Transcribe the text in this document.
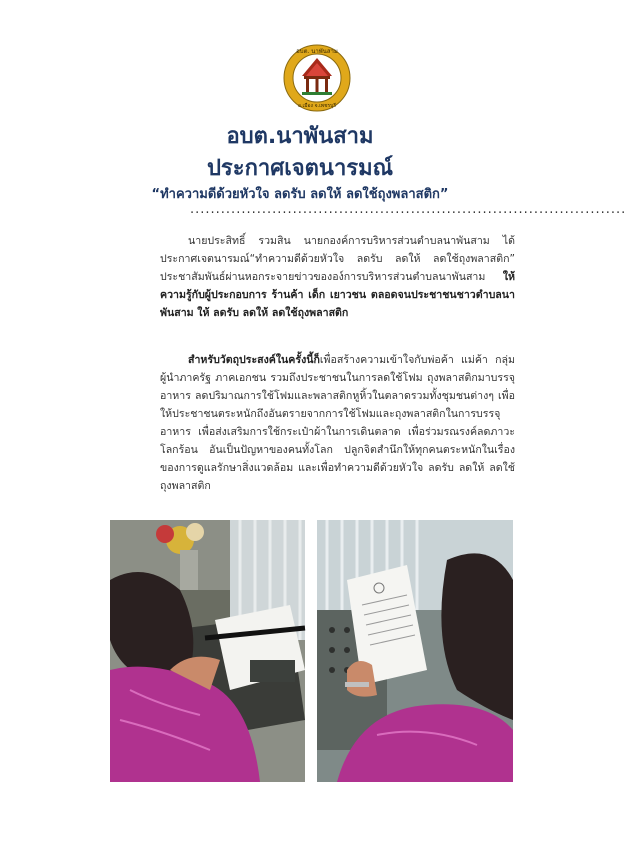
อบต. นาพันสาม
อ.เมือง จ.เพชรบุรี
อบต.นาพันสาม
ประกาศเจตนารมณ์
“ทำความดีด้วยหัวใจ ลดรับ ลดให้ ลดใช้ถุงพลาสติก”
.....................................................................................
นายประสิทธิ์ รวมสิน นายกองค์การบริหารส่วนตำบลนาพันสาม ได้ประกาศเจตนารมณ์“ทำความดีด้วยหัวใจ ลดรับ ลดให้ ลดใช้ถุงพลาสติก” ประชาสัมพันธ์ผ่านหอกระจายข่าวขององ์การบริหารส่วนตำบลนาพันสาม ให้ความรู้กับผู้ประกอบการ ร้านค้า เด็ก เยาวชน ตลอดจนประชาชนชาวตำบลนาพันสาม ให้ ลดรับ ลดให้ ลดใช้ถุงพลาสติก
สำหรับวัตถุประสงค์ในครั้งนี้ก็เพื่อสร้างความเข้าใจกับพ่อค้า แม่ค้า กลุ่มผู้นำภาครัฐ ภาคเอกชน รวมถึงประชาชนในการลดใช้โฟม ถุงพลาสติกมาบรรจุอาหาร ลดปริมาณการใช้โฟมและพลาสติกหูหิ้วในตลาดรวมทั้งชุมชนต่างๆ เพื่อให้ประชาชนตระหนักถึงอันตรายจากการใช้โฟมและถุงพลาสติกในการบรรจุอาหาร เพื่อส่งเสริมการใช้กระเป๋าผ้าในการเดินตลาด เพื่อร่วมรณรงค์ลดภาวะโลกร้อน อันเป็นปัญหาของคนทั้งโลก ปลูกจิตสำนึกให้ทุกคนตระหนักในเรื่องของการดูแลรักษาสิ่งแวดล้อม และเพื่อทำความดีด้วยหัวใจ ลดรับ ลดให้ ลดใช้ถุงพลาสติก
